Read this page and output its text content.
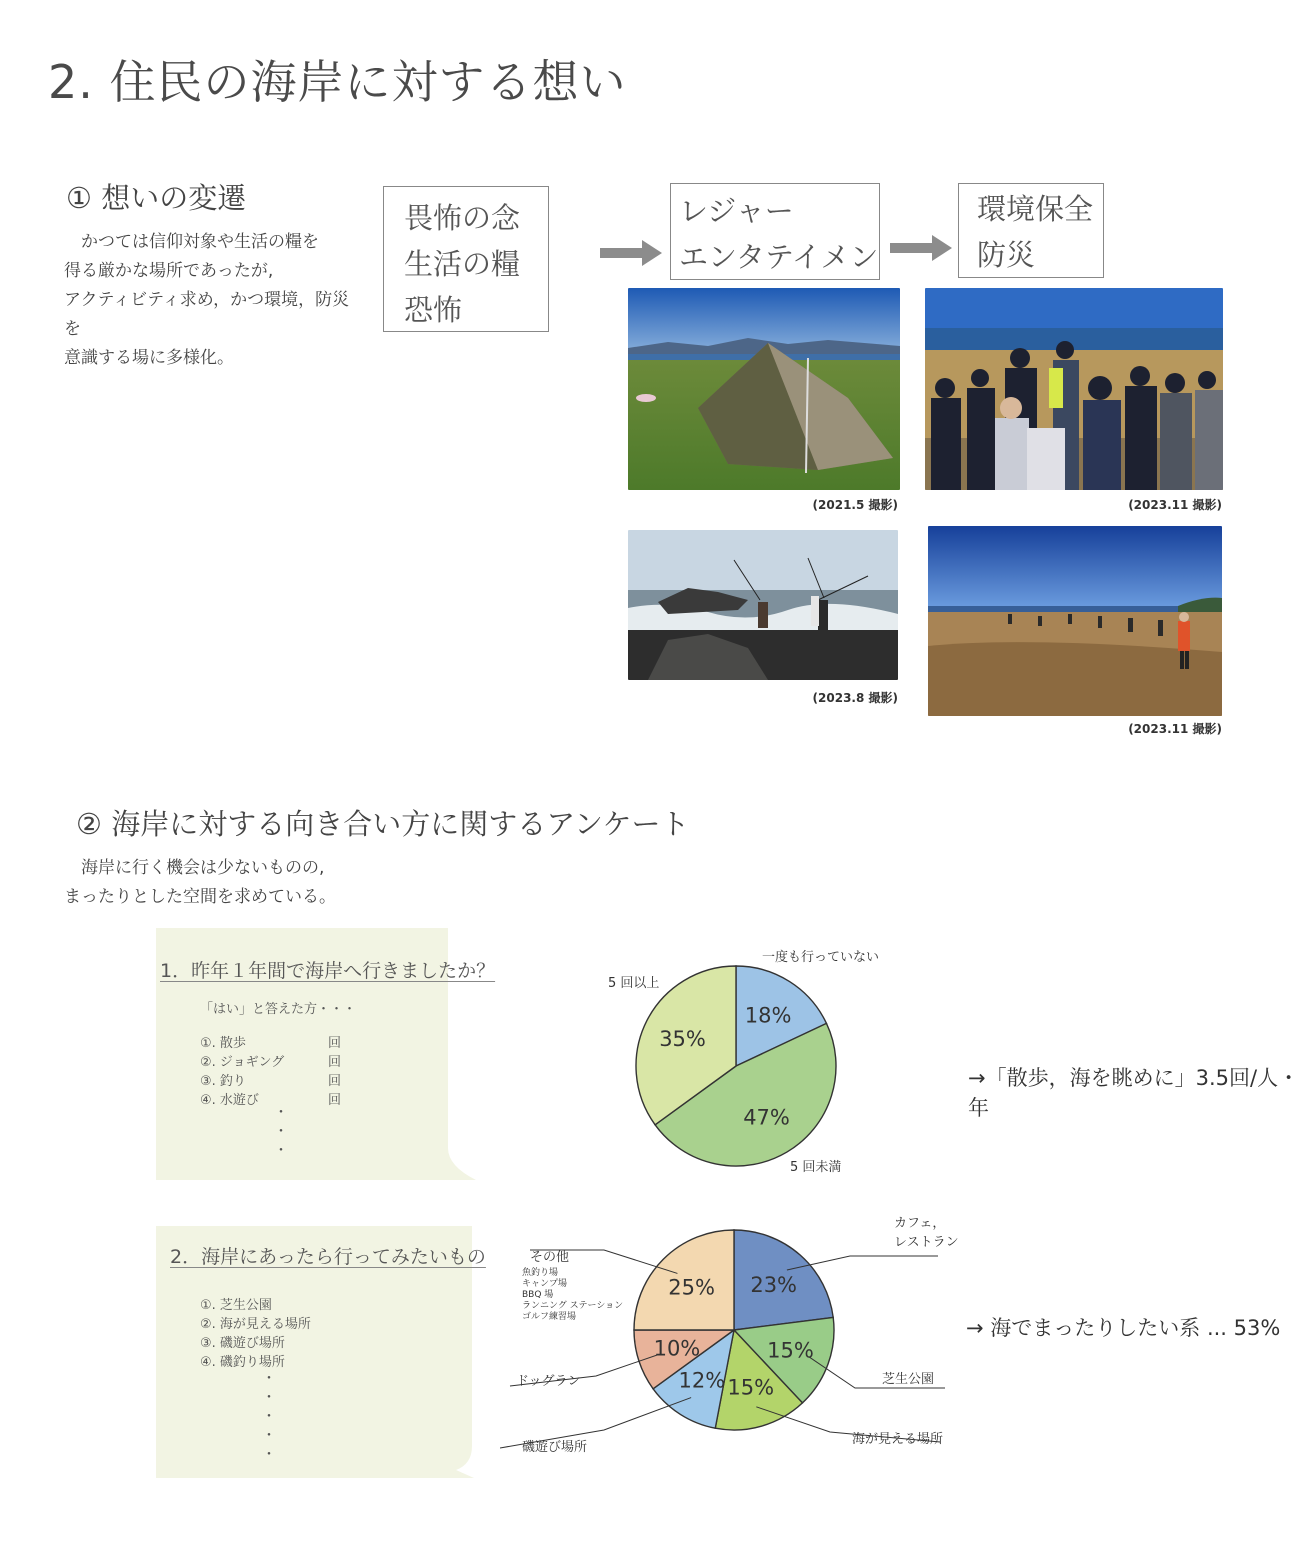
2. 住民の海岸に対する想い
① 想いの変遷
　かつては信仰対象や生活の糧を
得る厳かな場所であったが,
アクティビティ求め，かつ環境，防災を
意識する場に多様化。
畏怖の念
生活の糧
恐怖
レジャー
エンタテイメン
環境保全
防災
(2021.5 撮影)	(2023.11 撮影)
(2023.8 撮影)
(2023.11 撮影)
② 海岸に対する向き合い方に関するアンケート
　海岸に行く機会は少ないものの,
まったりとした空間を求めている。
1．昨年１年間で海岸へ行きましたか？
「はい」と答えた方・・・
①. 散歩	回
②. ジョギング	回
③. 釣り	回
④. 水遊び	回
・
・
・
18%
47%
35%
一度も行っていない
5 回未満
5 回以上
→「散歩，海を眺めに」3.5回/人・年
2．海岸にあったら行ってみたいもの
①. 芝生公園
②. 海が見える場所
③. 磯遊び場所
④. 磯釣り場所
・
・
・
・
・
23%
15%
15%
12%
10%
25%
その他
魚釣り場
キャンプ場
BBQ 場
ランニング ステーション
ゴルフ練習場
カフェ，
レストラン
芝生公園
海が見える場所
磯遊び場所
ドッグラン
→ 海でまったりしたい系 ... 53%
